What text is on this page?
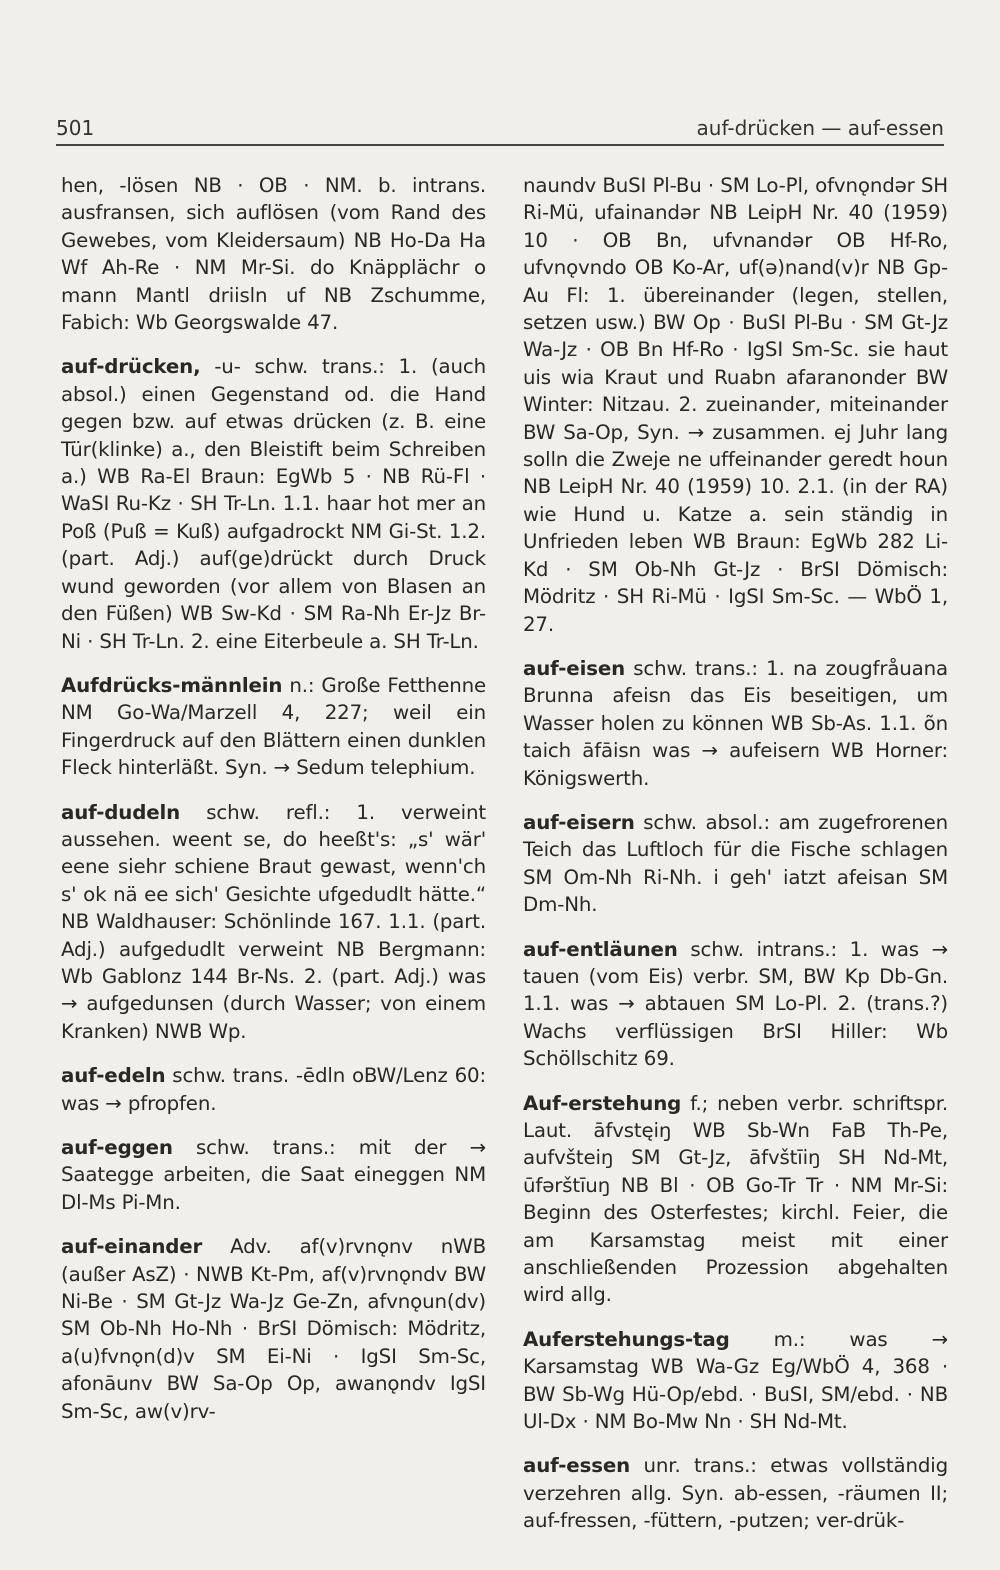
501	auf-drücken — auf-essen

hen, -lösen NB · OB · NM. b. intrans. ausfransen, sich auflösen (vom Rand des Gewebes, vom Kleidersaum) NB Ho-Da Ha Wf Ah-Re · NM Mr-Si. do Knäpplächr o mann Mantl driisln uf NB Zschumme, Fabich: Wb Georgswalde 47.

auf-drücken, -u- schw. trans.: 1. (auch absol.) einen Gegenstand od. die Hand gegen bzw. auf etwas drücken (z. B. eine Tür(klinke) a., den Bleistift beim Schreiben a.) WB Ra-El Braun: EgWb 5 · NB Rü-Fl · WaSI Ru-Kz · SH Tr-Ln. 1.1. haar hot mer an Poß (Puß = Kuß) aufgadrockt NM Gi-St. 1.2. (part. Adj.) auf(ge)drückt durch Druck wund geworden (vor allem von Blasen an den Füßen) WB Sw-Kd · SM Ra-Nh Er-Jz Br-Ni · SH Tr-Ln. 2. eine Eiterbeule a. SH Tr-Ln.

Aufdrücks-männlein n.: Große Fetthenne NM Go-Wa/Marzell 4, 227; weil ein Fingerdruck auf den Blättern einen dunklen Fleck hinterläßt. Syn. → Sedum telephium.

auf-dudeln schw. refl.: 1. verweint aussehen. weent se, do heeßt's: „s' wär' eene siehr schiene Braut gewast, wenn'ch s' ok nä ee sich' Gesichte ufgedudlt hätte.“ NB Waldhauser: Schönlinde 167. 1.1. (part. Adj.) aufgedudlt verweint NB Bergmann: Wb Gablonz 144 Br-Ns. 2. (part. Adj.) was → aufgedunsen (durch Wasser; von einem Kranken) NWB Wp.

auf-edeln schw. trans. -ēdln oBW/Lenz 60: was → pfropfen.

auf-eggen schw. trans.: mit der → Saategge arbeiten, die Saat eineggen NM Dl-Ms Pi-Mn.

auf-einander Adv. af(v)rvnǫnv nWB (außer AsZ) · NWB Kt-Pm, af(v)rvnǫndv BW Ni-Be · SM Gt-Jz Wa-Jz Ge-Zn, afvnǫun(dv) SM Ob-Nh Ho-Nh · BrSI Dömisch: Mödritz, a(u)fvnǫn(d)v SM Ei-Ni · IgSI Sm-Sc, afonāunv BW Sa-Op Op, awanǫndv IgSI Sm-Sc, aw(v)rv-

naundv BuSI Pl-Bu · SM Lo-Pl, ofvnǫndər SH Ri-Mü, ufainandər NB LeipH Nr. 40 (1959) 10 · OB Bn, ufvnandər OB Hf-Ro, ufvnǫvndo OB Ko-Ar, uf(ə)nand(v)r NB Gp-Au Fl: 1. übereinander (legen, stellen, setzen usw.) BW Op · BuSI Pl-Bu · SM Gt-Jz Wa-Jz · OB Bn Hf-Ro · IgSI Sm-Sc. sie haut uis wia Kraut und Ruabn afaranonder BW Winter: Nitzau. 2. zueinander, miteinander BW Sa-Op, Syn. → zusammen. ej Juhr lang solln die Zweje ne uffeinander geredt houn NB LeipH Nr. 40 (1959) 10. 2.1. (in der RA) wie Hund u. Katze a. sein ständig in Unfrieden leben WB Braun: EgWb 282 Li-Kd · SM Ob-Nh Gt-Jz · BrSI Dömisch: Mödritz · SH Ri-Mü · IgSI Sm-Sc. — WbÖ 1, 27.

auf-eisen schw. trans.: 1. na zougfråuana Brunna afeisn das Eis beseitigen, um Wasser holen zu können WB Sb-As. 1.1. õn taich āfāisn was → aufeisern WB Horner: Königswerth.

auf-eisern schw. absol.: am zugefrorenen Teich das Luftloch für die Fische schlagen SM Om-Nh Ri-Nh. i geh' iatzt afeisan SM Dm-Nh.

auf-entläunen schw. intrans.: 1. was → tauen (vom Eis) verbr. SM, BW Kp Db-Gn. 1.1. was → abtauen SM Lo-Pl. 2. (trans.?) Wachs verflüssigen BrSI Hiller: Wb Schöllschitz 69.

Auf-erstehung f.; neben verbr. schriftspr. Laut. āfvstęiŋ WB Sb-Wn FaB Th-Pe, aufvšteiŋ SM Gt-Jz, āfvštīiŋ SH Nd-Mt, ūfərštīuŋ NB Bl · OB Go-Tr Tr · NM Mr-Si: Beginn des Osterfestes; kirchl. Feier, die am Karsamstag meist mit einer anschließenden Prozession abgehalten wird allg.

Auferstehungs-tag m.: was → Karsamstag WB Wa-Gz Eg/WbÖ 4, 368 · BW Sb-Wg Hü-Op/ebd. · BuSI, SM/ebd. · NB Ul-Dx · NM Bo-Mw Nn · SH Nd-Mt.

auf-essen unr. trans.: etwas vollständig verzehren allg. Syn. ab-essen, -räumen II; auf-fressen, -füttern, -putzen; ver-drük-
